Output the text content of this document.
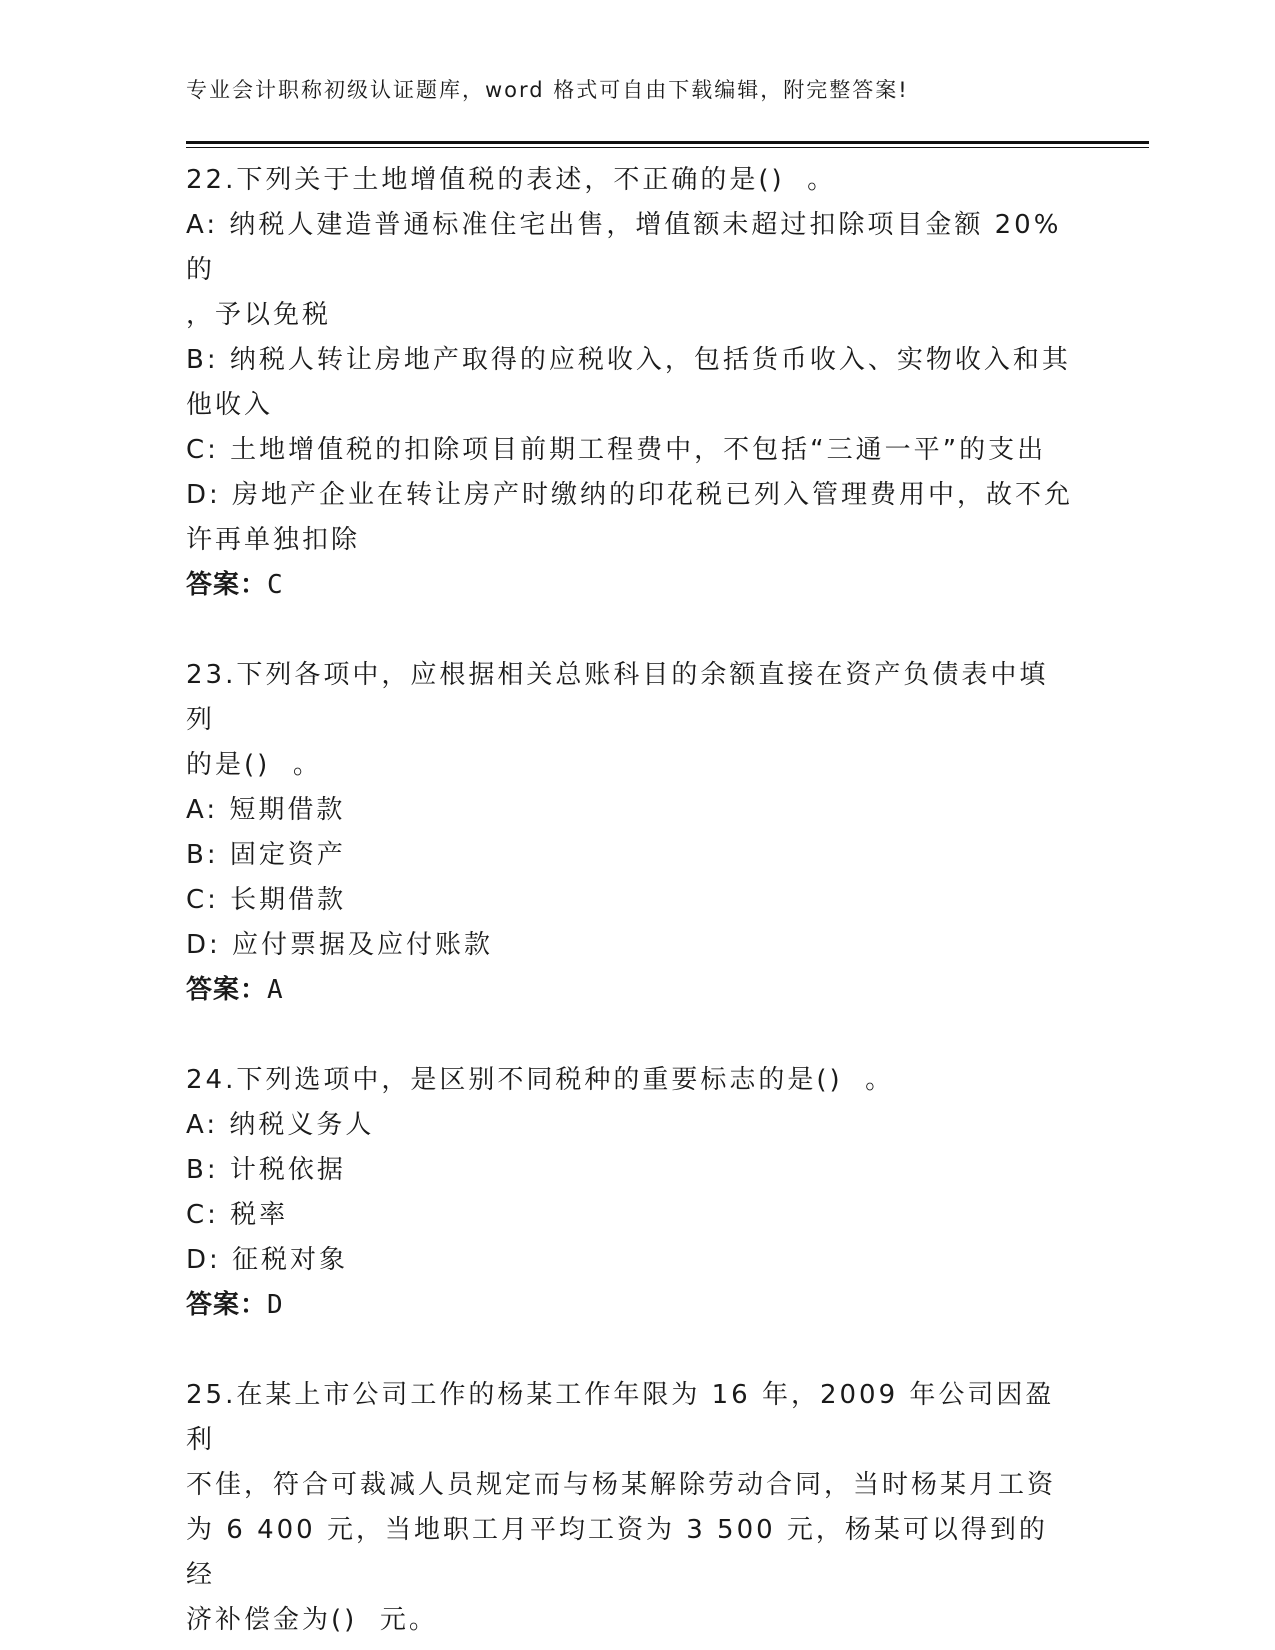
专业会计职称初级认证题库，word 格式可自由下载编辑，附完整答案!
22.下列关于土地增值税的表述，不正确的是()  。
A: 纳税人建造普通标准住宅出售，增值额未超过扣除项目金额 20%的
，予以免税
B: 纳税人转让房地产取得的应税收入，包括货币收入、实物收入和其
他收入
C: 土地增值税的扣除项目前期工程费中，不包括“三通一平”的支出
D: 房地产企业在转让房产时缴纳的印花税已列入管理费用中，故不允
许再单独扣除
答案：C
23.下列各项中，应根据相关总账科目的余额直接在资产负债表中填列
的是()  。
A: 短期借款
B: 固定资产
C: 长期借款
D: 应付票据及应付账款
答案：A
24.下列选项中，是区别不同税种的重要标志的是()  。
A: 纳税义务人
B: 计税依据
C: 税率
D: 征税对象
答案：D
25.在某上市公司工作的杨某工作年限为 16 年，2009 年公司因盈利
不佳，符合可裁减人员规定而与杨某解除劳动合同，当时杨某月工资
为 6 400 元，当地职工月平均工资为 3 500 元，杨某可以得到的经
济补偿金为()  元。
